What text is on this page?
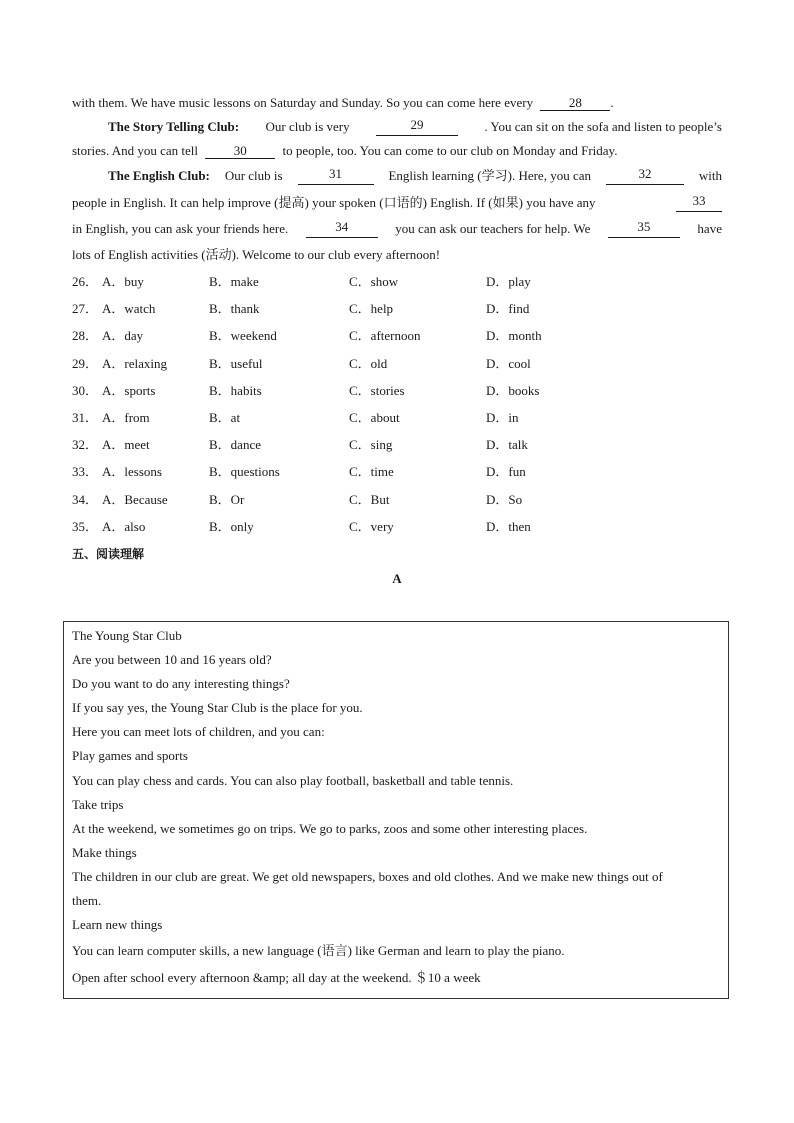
with them. We have music lessons on Saturday and Sunday. So you can come here every	28 .
The Story Telling Club: Our club is very	29	. You can sit on the sofa and listen to people’s
stories. And you can tell	30	to people, too. You can come to our club on Monday and Friday.
The English Club: Our club is	31	English learning (学习). Here, you can	32	with
people in English. It can help improve (提高) your spoken (口语的) English. If (如果) you have any	33
in English, you can ask your friends here.	34	you can ask our teachers for help. We	35	have
lots of English activities (活动). Welcome to our club every afternoon!
26． A．buy	B．make	C．show	D．play
27． A．watch	B．thank	C．help	D．find
28． A．day	B．weekend	C．afternoon	D．month
29． A．relaxing	B．useful	C．old	D．cool
30． A．sports	B．habits	C．stories	D．books
31． A．from	B．at	C．about	D．in
32． A．meet	B．dance	C．sing	D．talk
33． A．lessons	B．questions	C．time	D．fun
34． A．Because	B．Or	C．But	D．So
35． A．also	B．only	C．very	D．then
五、阅读理解
A
The Young Star Club
Are you between 10 and 16 years old?
Do you want to do any interesting things?
If you say yes, the Young Star Club is the place for you.
Here you can meet lots of children, and you can:
Play games and sports
You can play chess and cards. You can also play football, basketball and table tennis.
Take trips
At the weekend, we sometimes go on trips. We go to parks, zoos and some other interesting places.
Make things
The children in our club are great. We get old newspapers, boxes and old clothes. And we make new things out of
them.
Learn new things
You can learn computer skills, a new language (语言) like German and learn to play the piano.
Open after school every afternoon &amp; all day at the weekend. ＄10 a week
